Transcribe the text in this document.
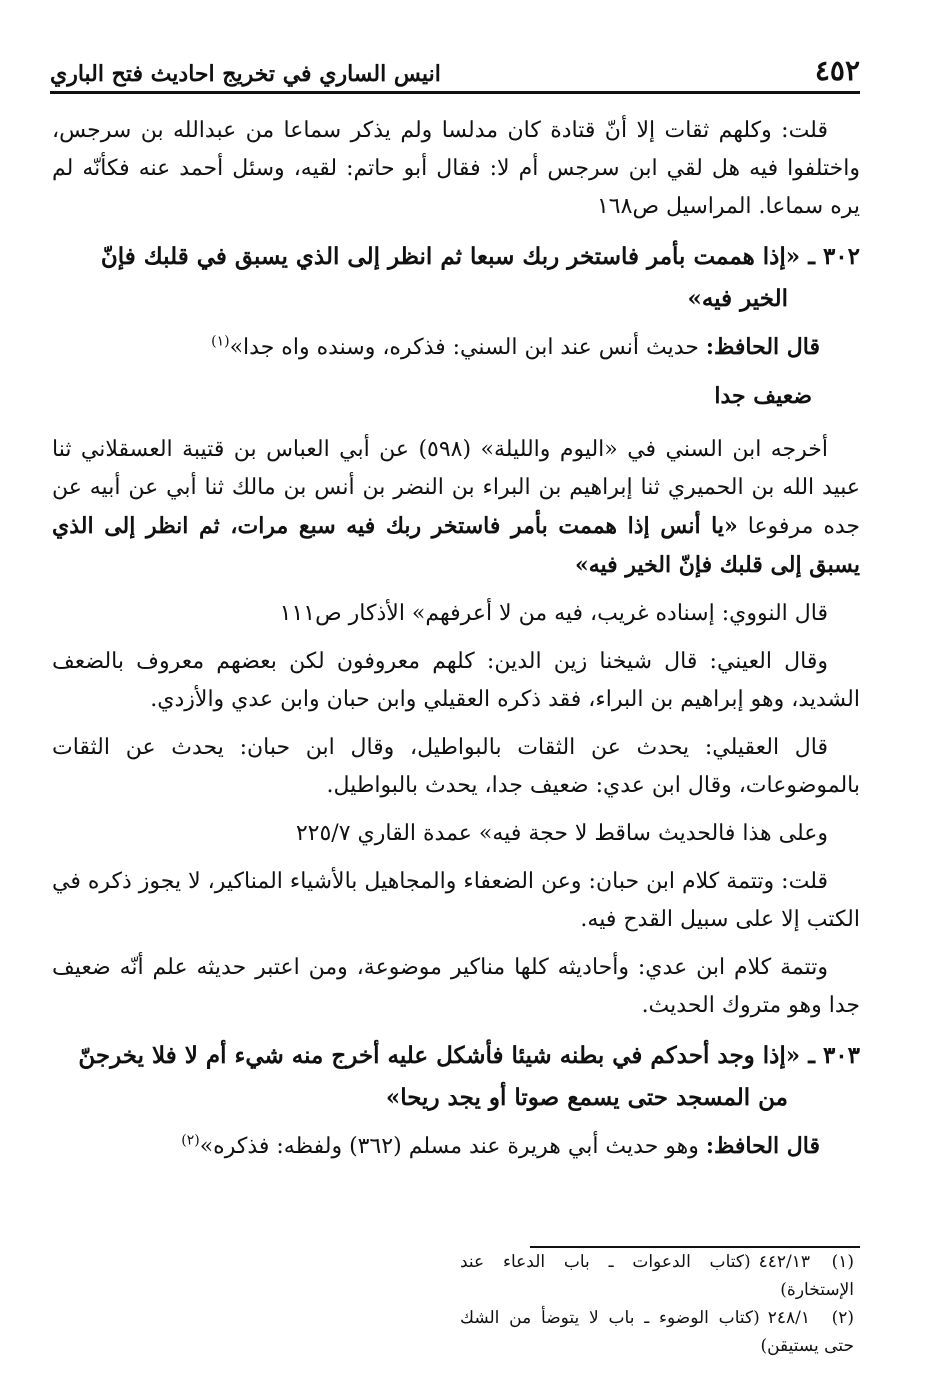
٤٥٢
انيس الساري في تخريج احاديث فتح الباري

قلت: وكلهم ثقات إلا أنّ قتادة كان مدلسا ولم يذكر سماعا من عبدالله بن سرجس، واختلفوا فيه هل لقي ابن سرجس أم لا: فقال أبو حاتم: لقيه، وسئل أحمد عنه فكأنّه لم يره سماعا. المراسيل ص١٦٨

٣٠٢ ـ «إذا هممت بأمر فاستخر ربك سبعا ثم انظر إلى الذي يسبق في قلبك فإنّ
الخير فيه»

قال الحافظ: حديث أنس عند ابن السني: فذكره، وسنده واه جدا»$^{(١)}$

ضعيف جدا

أخرجه ابن السني في «اليوم والليلة» (٥٩٨) عن أبي العباس بن قتيبة العسقلاني ثنا عبيد الله بن الحميري ثنا إبراهيم بن البراء بن النضر بن أنس بن مالك ثنا أبي عن أبيه عن جده مرفوعا «يا أنس إذا هممت بأمر فاستخر ربك فيه سبع مرات، ثم انظر إلى الذي يسبق إلى قلبك فإنّ الخير فيه»

قال النووي: إسناده غريب، فيه من لا أعرفهم» الأذكار ص١١١

وقال العيني: قال شيخنا زين الدين: كلهم معروفون لكن بعضهم معروف بالضعف الشديد، وهو إبراهيم بن البراء، فقد ذكره العقيلي وابن حبان وابن عدي والأزدي.

قال العقيلي: يحدث عن الثقات بالبواطيل، وقال ابن حبان: يحدث عن الثقات بالموضوعات، وقال ابن عدي: ضعيف جدا، يحدث بالبواطيل.

وعلى هذا فالحديث ساقط لا حجة فيه» عمدة القاري ٢٢٥/٧

قلت: وتتمة كلام ابن حبان: وعن الضعفاء والمجاهيل بالأشياء المناكير، لا يجوز ذكره في الكتب إلا على سبيل القدح فيه.

وتتمة كلام ابن عدي: وأحاديثه كلها مناكير موضوعة، ومن اعتبر حديثه علم أنّه ضعيف جدا وهو متروك الحديث.

٣٠٣ ـ «إذا وجد أحدكم في بطنه شيئا فأشكل عليه أخرج منه شيء أم لا فلا يخرجنّ
من المسجد حتى يسمع صوتا أو يجد ريحا»

قال الحافظ: وهو حديث أبي هريرة عند مسلم (٣٦٢) ولفظه: فذكره»$^{(٢)}$

(١)٤٤٢/١٣(كتاب الدعوات ـ باب الدعاء عند الإستخارة)

(٢)٢٤٨/١(كتاب الوضوء ـ باب لا يتوضأ من الشك حتى يستيقن)
